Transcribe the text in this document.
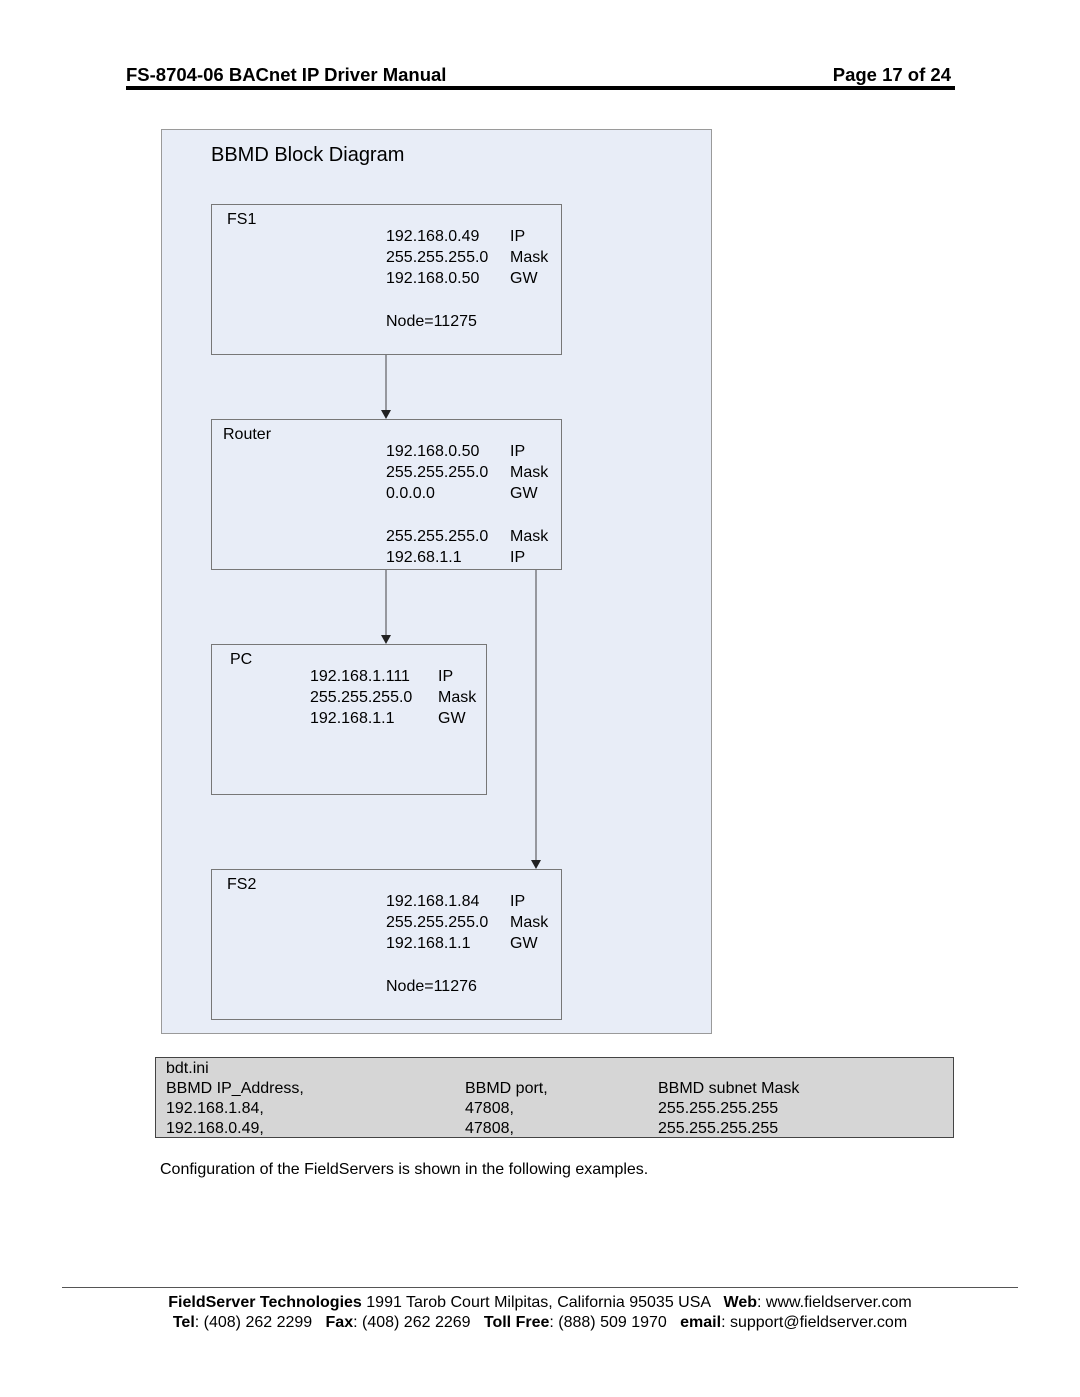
FS-8704-06 BACnet IP Driver Manual	Page 17 of 24
BBMD Block Diagram
FS1
192.168.0.49 IP
255.255.255.0 Mask
192.168.0.50 GW
Node=11275
Router
192.168.0.50 IP
255.255.255.0 Mask
0.0.0.0	GW
255.255.255.0 Mask
192.68.1.1	IP
PC
192.168.1.111 IP
255.255.255.0 Mask
192.168.1.1	GW
FS2
192.168.1.84 IP
255.255.255.0 Mask
192.168.1.1 GW
Node=11276
bdt.ini
BBMD IP_Address,	BBMD port,	BBMD subnet Mask
192.168.1.84,	47808,	255.255.255.255
192.168.0.49,	47808,	255.255.255.255
Configuration of the FieldServers is shown in the following examples.
FieldServer Technologies 1991 Tarob Court Milpitas, California 95035 USA   Web: www.fieldserver.com
Tel: (408) 262 2299   Fax: (408) 262 2269   Toll Free: (888) 509 1970   email: support@fieldserver.com
